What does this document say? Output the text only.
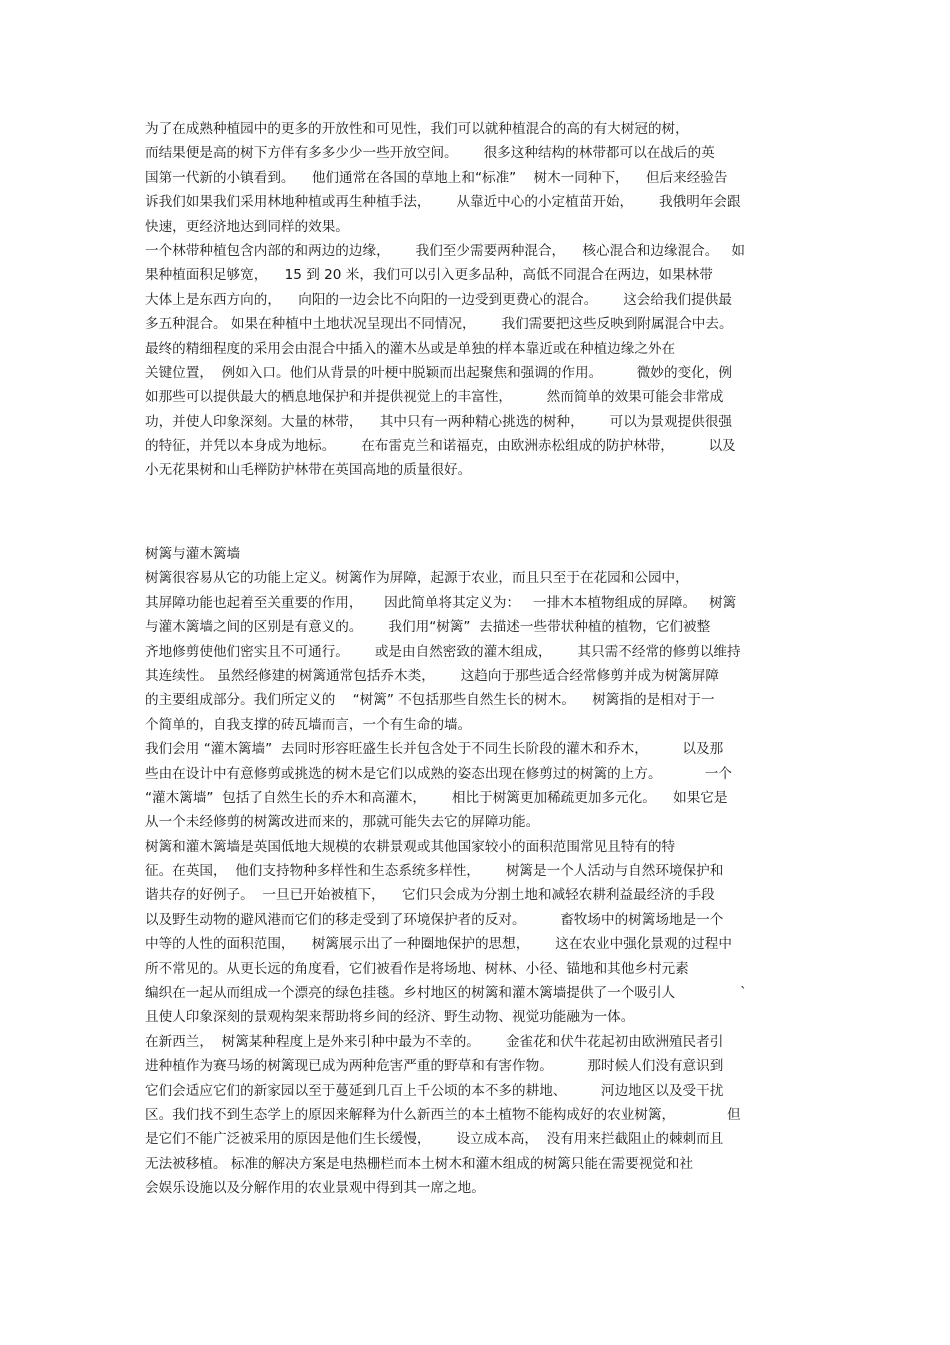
为了在成熟种植园中的更多的开放性和可见性，我们可以就种植混合的高的有大树冠的树，
而结果便是高的树下方伴有多多少少一些开放空间。      很多这种结构的林带都可以在战后的英
国第一代新的小镇看到。    他们通常在各国的草地上和“标准”    树木一同种下，    但后来经验告
诉我们如果我们采用林地种植或再生种植手法，      从靠近中心的小定植苗开始，      我俄明年会跟
快速，更经济地达到同样的效果。
一个林带种植包含内部的和两边的边缘，      我们至少需要两种混合，    核心混合和边缘混合。   如
果种植面积足够宽，    15 到 20 米，我们可以引入更多品种，高低不同混合在两边，如果林带
大体上是东西方向的，    向阳的一边会比不向阳的一边受到更费心的混合。      这会给我们提供最
多五种混合。 如果在种植中土地状况呈现出不同情况，      我们需要把这些反映到附属混合中去。
最终的精细程度的采用会由混合中插入的灌木丛或是单独的样本靠近或在种植边缘之外在
关键位置，  例如入口。他们从背景的叶梗中脱颖而出起聚焦和强调的作用。        微妙的变化，例
如那些可以提供最大的栖息地保护和并提供视觉上的丰富性，        然而简单的效果可能会非常成
功，并使人印象深刻。大量的林带，    其中只有一两种精心挑选的树种，      可以为景观提供很强
的特征，并凭以本身成为地标。      在布雷克兰和诺福克，由欧洲赤松组成的防护林带，        以及
小无花果树和山毛榉防护林带在英国高地的质量很好。
树篱与灌木篱墙
树篱很容易从它的功能上定义。树篱作为屏障，起源于农业，而且只至于在花园和公园中，
其屏障功能也起着至关重要的作用，     因此简单将其定义为：   一排木本植物组成的屏障。   树篱
与灌木篱墙之间的区别是有意义的。      我们用“树篱”  去描述一些带状种植的植物，它们被整
齐地修剪使他们密实且不可通行。      或是由自然密致的灌木组成，      其只需不经常的修剪以维持
其连续性。 虽然经修建的树篱通常包括乔木类，      这趋向于那些适合经常修剪并成为树篱屏障
的主要组成部分。我们所定义的    “树篱” 不包括那些自然生长的树木。    树篱指的是相对于一
个简单的，自我支撑的砖瓦墙而言，一个有生命的墙。
我们会用 “灌木篱墙”  去同时形容旺盛生长并包含处于不同生长阶段的灌木和乔木，        以及那
些由在设计中有意修剪或挑选的树木是它们以成熟的姿态出现在修剪过的树篱的上方。          一个
“灌木篱墙”  包括了自然生长的乔木和高灌木，      相比于树篱更加稀疏更加多元化。    如果它是
从一个未经修剪的树篱改进而来的，那就可能失去它的屏障功能。
树篱和灌木篱墙是英国低地大规模的农耕景观或其他国家较小的面积范围常见且特有的特
征。在英国，  他们支持物种多样性和生态系统多样性，      树篱是一个人活动与自然环境保护和
谐共存的好例子。  一旦已开始被植下，    它们只会成为分割土地和减轻农耕利益最经济的手段
以及野生动物的避风港而它们的移走受到了环境保护者的反对。        畜牧场中的树篱场地是一个
中等的人性的面积范围，    树篱展示出了一种圈地保护的思想，      这在农业中强化景观的过程中
所不常见的。从更长远的角度看，它们被看作是将场地、树林、小径、锚地和其他乡村元素
编织在一起从而组成一个漂亮的绿色挂毯。乡村地区的树篱和灌木篱墙提供了一个吸引人               `
且使人印象深刻的景观构架来帮助将乡间的经济、野生动物、视觉功能融为一体。
在新西兰，  树篱某种程度上是外来引种中最为不幸的。      金雀花和伏牛花起初由欧洲殖民者引
进种植作为赛马场的树篱现已成为两种危害严重的野草和有害作物。        那时候人们没有意识到
它们会适应它们的新家园以至于蔓延到几百上千公顷的本不多的耕地、        河边地区以及受干扰
区。我们找不到生态学上的原因来解释为什么新西兰的本土植物不能构成好的农业树篱，            但
是它们不能广泛被采用的原因是他们生长缓慢，      设立成本高，  没有用来拦截阻止的棘刺而且
无法被移植。 标准的解决方案是电热栅栏而本土树木和灌木组成的树篱只能在需要视觉和社
会娱乐设施以及分解作用的农业景观中得到其一席之地。
